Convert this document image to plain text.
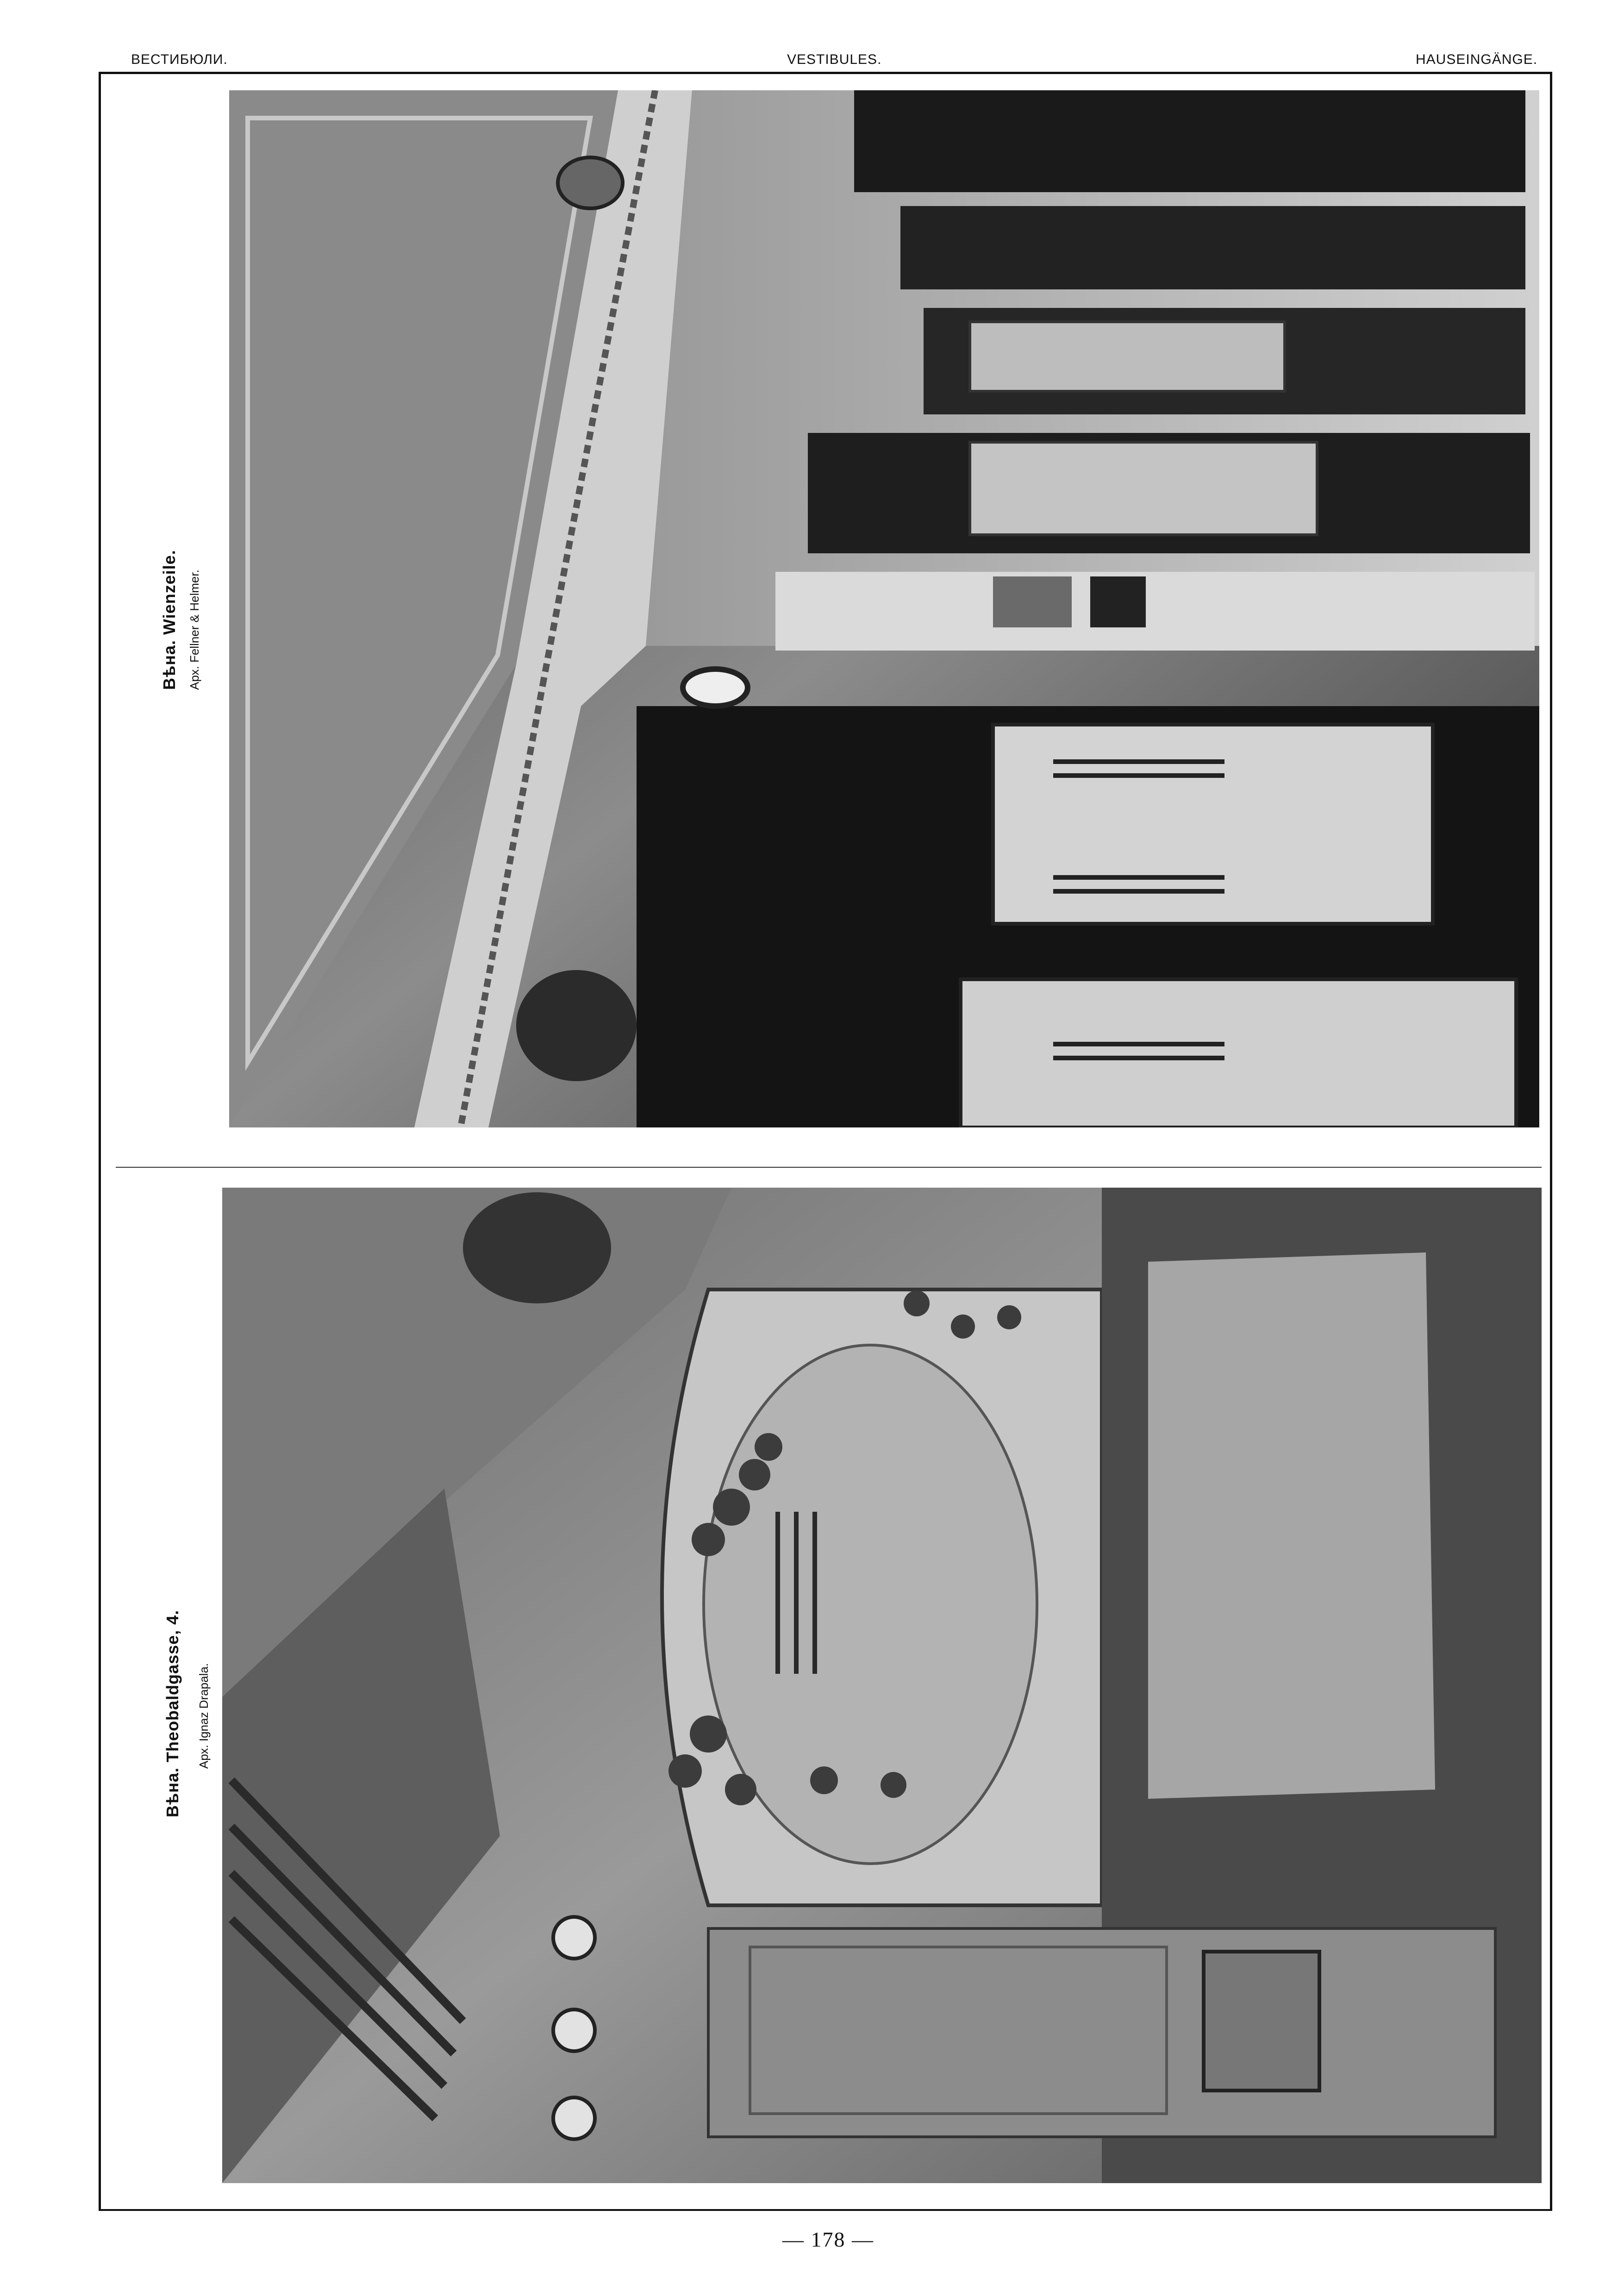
ВЕСТИБЮЛИ.	VESTIBULES.	HAUSEINGÄNGE.
Вѣна. Wienzeile. Арх. Fellner & Helmer.
Вѣна. Theobaldgasse, 4. Арх. Ignaz Drapala.
— 178 —
